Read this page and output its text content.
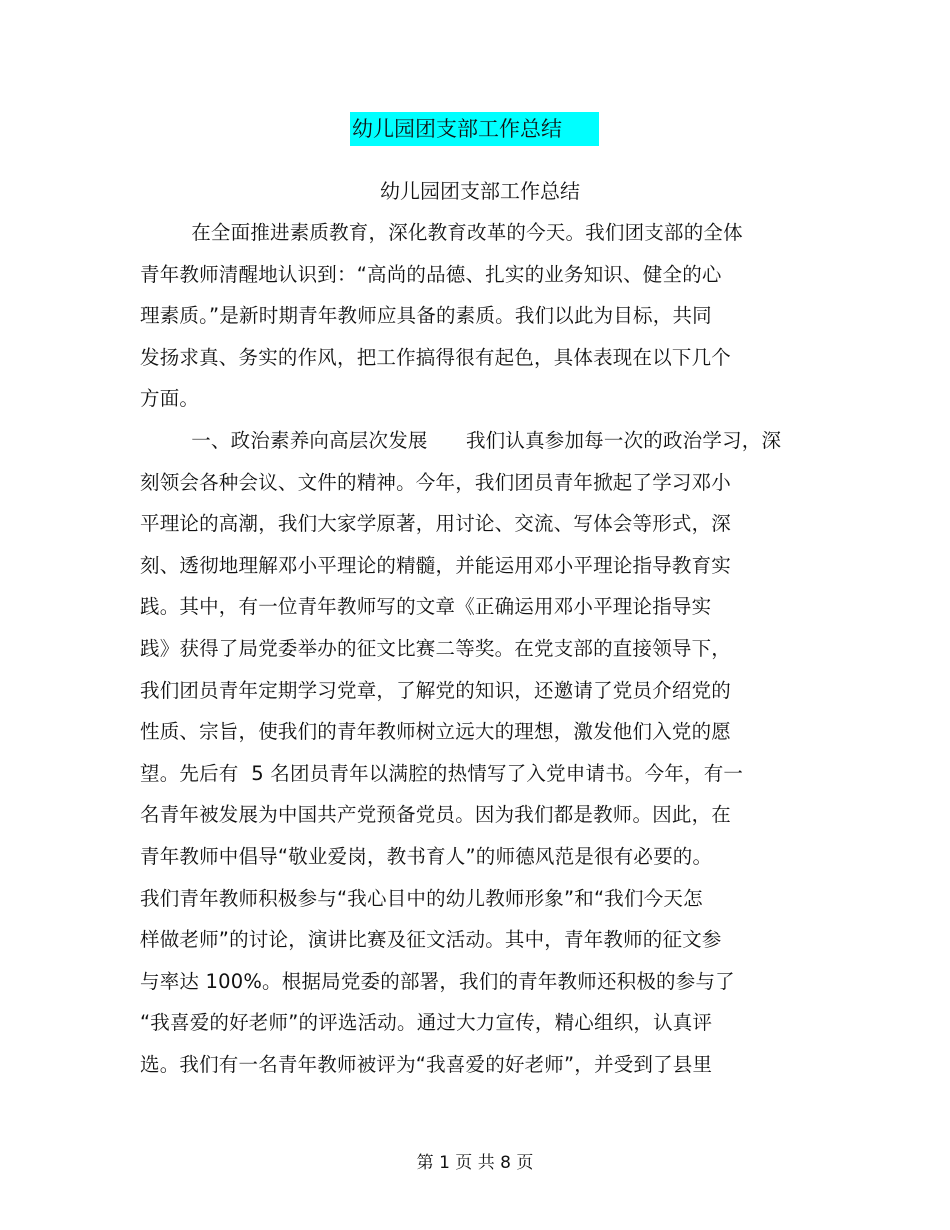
幼儿园团支部工作总结
幼儿园团支部工作总结
在全面推进素质教育，深化教育改革的今天。我们团支部的全体
青年教师清醒地认识到：“高尚的品德、扎实的业务知识、健全的心
理素质。”是新时期青年教师应具备的素质。我们以此为目标，共同
发扬求真、务实的作风，把工作搞得很有起色，具体表现在以下几个
方面。
一、政治素养向高层次发展      我们认真参加每一次的政治学习，深
刻领会各种会议、文件的精神。今年，我们团员青年掀起了学习邓小
平理论的高潮，我们大家学原著，用讨论、交流、写体会等形式，深
刻、透彻地理解邓小平理论的精髓，并能运用邓小平理论指导教育实
践。其中，有一位青年教师写的文章《正确运用邓小平理论指导实
践》获得了局党委举办的征文比赛二等奖。在党支部的直接领导下，
我们团员青年定期学习党章，了解党的知识，还邀请了党员介绍党的
性质、宗旨，使我们的青年教师树立远大的理想，激发他们入党的愿
望。先后有  5 名团员青年以满腔的热情写了入党申请书。今年，有一
名青年被发展为中国共产党预备党员。因为我们都是教师。因此，在
青年教师中倡导“敬业爱岗，教书育人”的师德风范是很有必要的。
我们青年教师积极参与“我心目中的幼儿教师形象”和“我们今天怎
样做老师”的讨论，演讲比赛及征文活动。其中，青年教师的征文参
与率达 100%。根据局党委的部署，我们的青年教师还积极的参与了
“我喜爱的好老师”的评选活动。通过大力宣传，精心组织，认真评
选。我们有一名青年教师被评为“我喜爱的好老师”，并受到了县里
第 1 页 共 8 页
